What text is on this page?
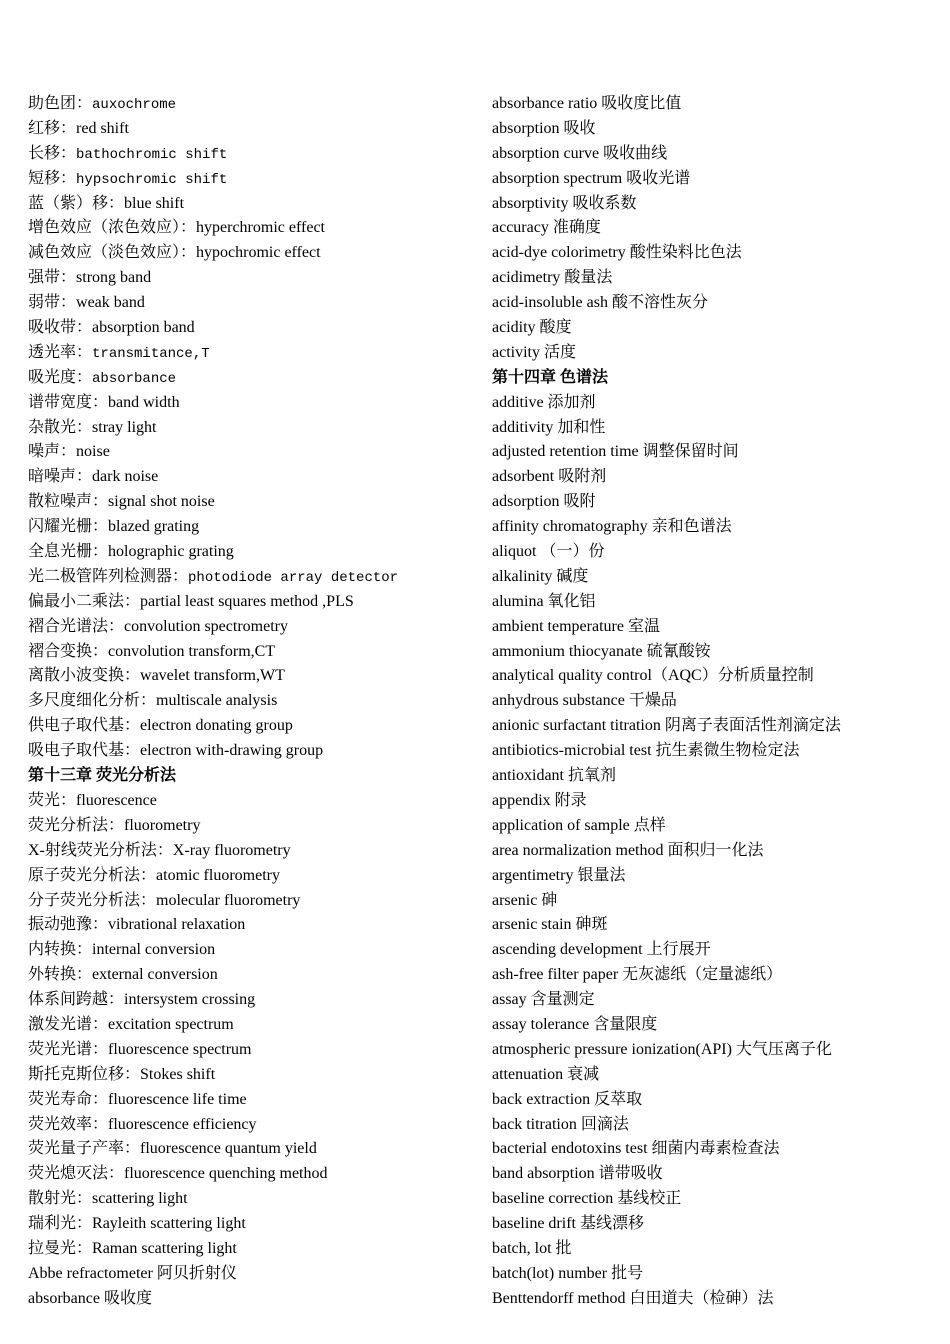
助色团：auxochrome
红移：red shift
长移：bathochromic shift
短移：hypsochromic shift
蓝（紫）移：blue shift
增色效应（浓色效应）：hyperchromic effect
减色效应（淡色效应）：hypochromic effect
强带：strong band
弱带：weak band
吸收带：absorption band
透光率：transmitance,T
吸光度：absorbance
谱带宽度：band width
杂散光：stray light
噪声：noise
暗噪声：dark noise
散粒噪声：signal shot noise
闪耀光栅：blazed grating
全息光栅：holographic grating
光二极管阵列检测器：photodiode array detector
偏最小二乘法：partial least squares method ,PLS
褶合光谱法：convolution spectrometry
褶合变换：convolution transform,CT
离散小波变换：wavelet transform,WT
多尺度细化分析：multiscale analysis
供电子取代基：electron donating group
吸电子取代基：electron with-drawing group
第十三章 荧光分析法
荧光：fluorescence
荧光分析法：fluorometry
X-射线荧光分析法：X-ray fluorometry
原子荧光分析法：atomic fluorometry
分子荧光分析法：molecular fluorometry
振动弛豫：vibrational relaxation
内转换：internal conversion
外转换：external conversion
体系间跨越：intersystem crossing
激发光谱：excitation spectrum
荧光光谱：fluorescence spectrum
斯托克斯位移：Stokes shift
荧光寿命：fluorescence life time
荧光效率：fluorescence efficiency
荧光量子产率：fluorescence quantum yield
荧光熄灭法：fluorescence quenching method
散射光：scattering light
瑞利光：Rayleith scattering light
拉曼光：Raman scattering light
Abbe refractometer 阿贝折射仪
absorbance 吸收度
absorbance ratio 吸收度比值
absorption 吸收
absorption curve 吸收曲线
absorption spectrum 吸收光谱
absorptivity 吸收系数
accuracy 准确度
acid-dye colorimetry 酸性染料比色法
acidimetry 酸量法
acid-insoluble ash 酸不溶性灰分
acidity 酸度
activity 活度
第十四章 色谱法
additive 添加剂
additivity 加和性
adjusted retention time 调整保留时间
adsorbent 吸附剂
adsorption 吸附
affinity chromatography 亲和色谱法
aliquot （一）份
alkalinity 碱度
alumina 氧化铝
ambient temperature 室温
ammonium thiocyanate 硫氰酸铵
analytical quality control（AQC）分析质量控制
anhydrous substance 干燥品
anionic surfactant titration 阴离子表面活性剂滴定法
antibiotics-microbial test 抗生素微生物检定法
antioxidant 抗氧剂
appendix 附录
application of sample 点样
area normalization method 面积归一化法
argentimetry 银量法
arsenic 砷
arsenic stain 砷斑
ascending development 上行展开
ash-free filter paper 无灰滤纸（定量滤纸）
assay 含量测定
assay tolerance 含量限度
atmospheric pressure ionization(API) 大气压离子化
attenuation 衰减
back extraction 反萃取
back titration 回滴法
bacterial endotoxins test 细菌内毒素检查法
band absorption 谱带吸收
baseline correction 基线校正
baseline drift 基线漂移
batch, lot 批
batch(lot) number 批号
Benttendorff method 白田道夫（检砷）法
